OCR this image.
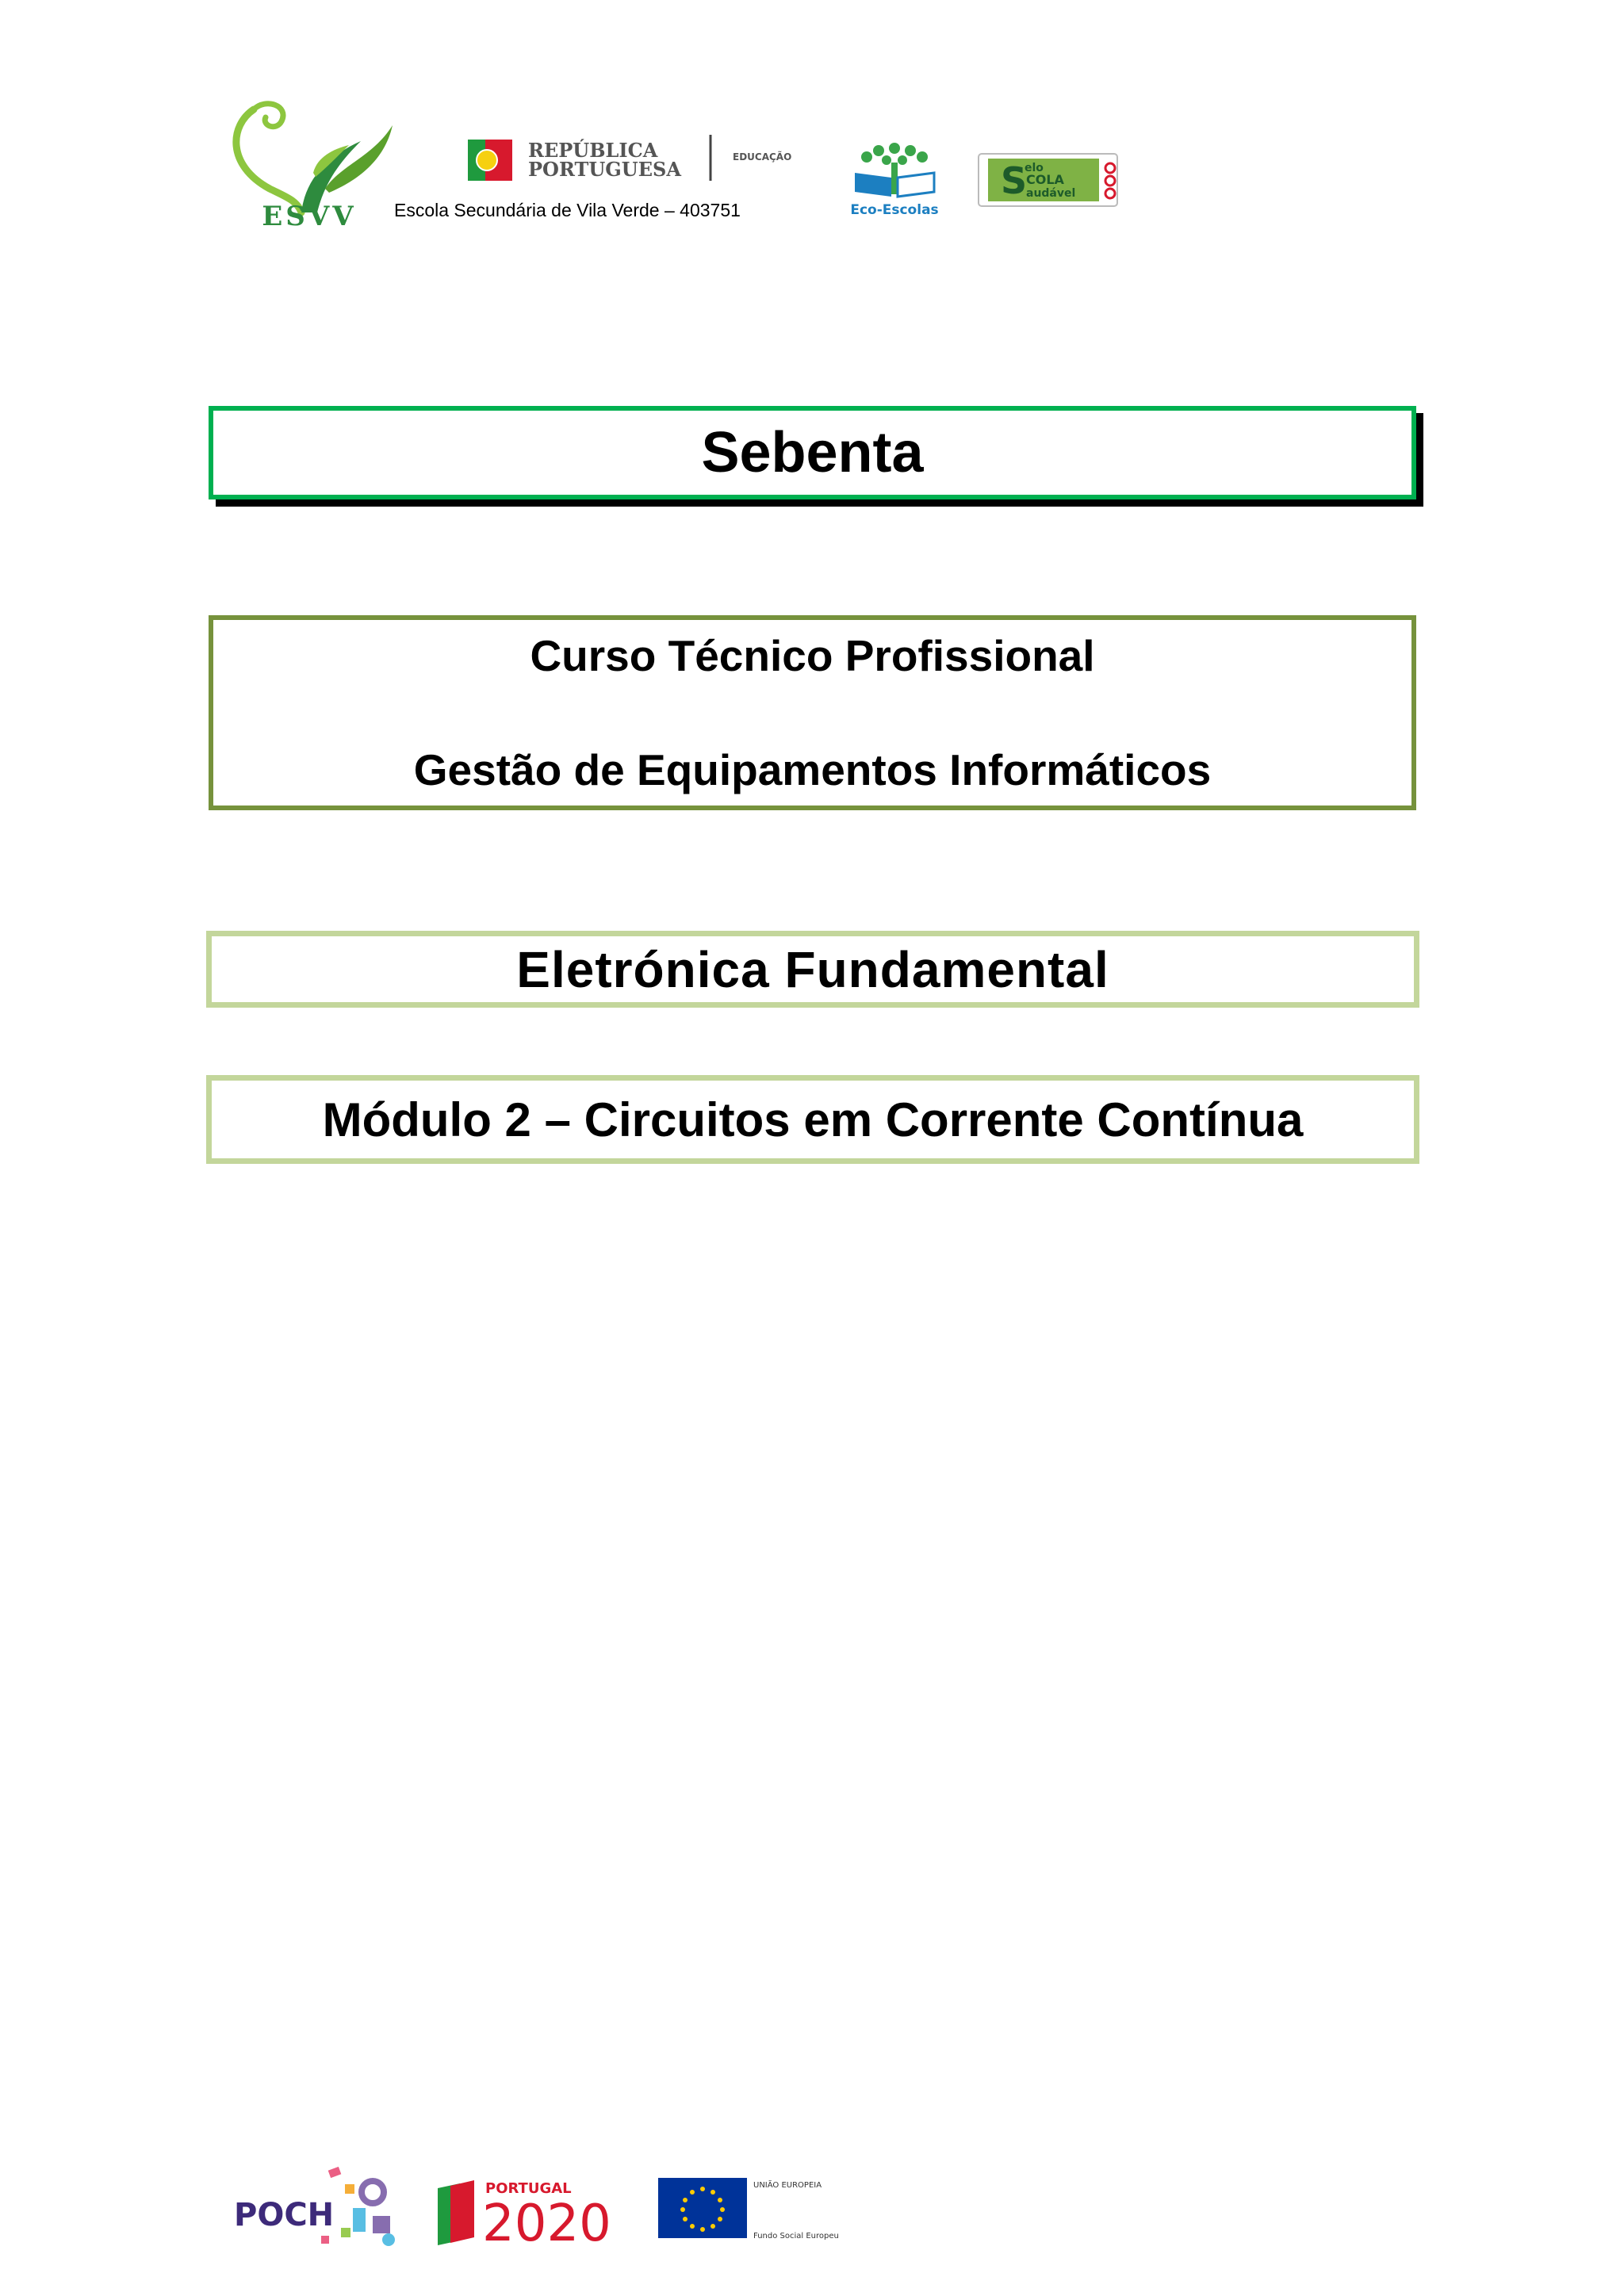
ESVV Escola Secundária de Vila Verde – 403751
REPÚBLICA
PORTUGUESA
EDUCAÇÃO
Eco-Escolas
S
elo
COLA
audável
Sebenta
Curso Técnico Profissional
Gestão de Equipamentos Informáticos
Eletrónica Fundamental
Módulo 2 – Circuitos em Corrente Contínua
POCH
PORTUGAL
2020
UNIÃO EUROPEIA
Fundo Social Europeu
